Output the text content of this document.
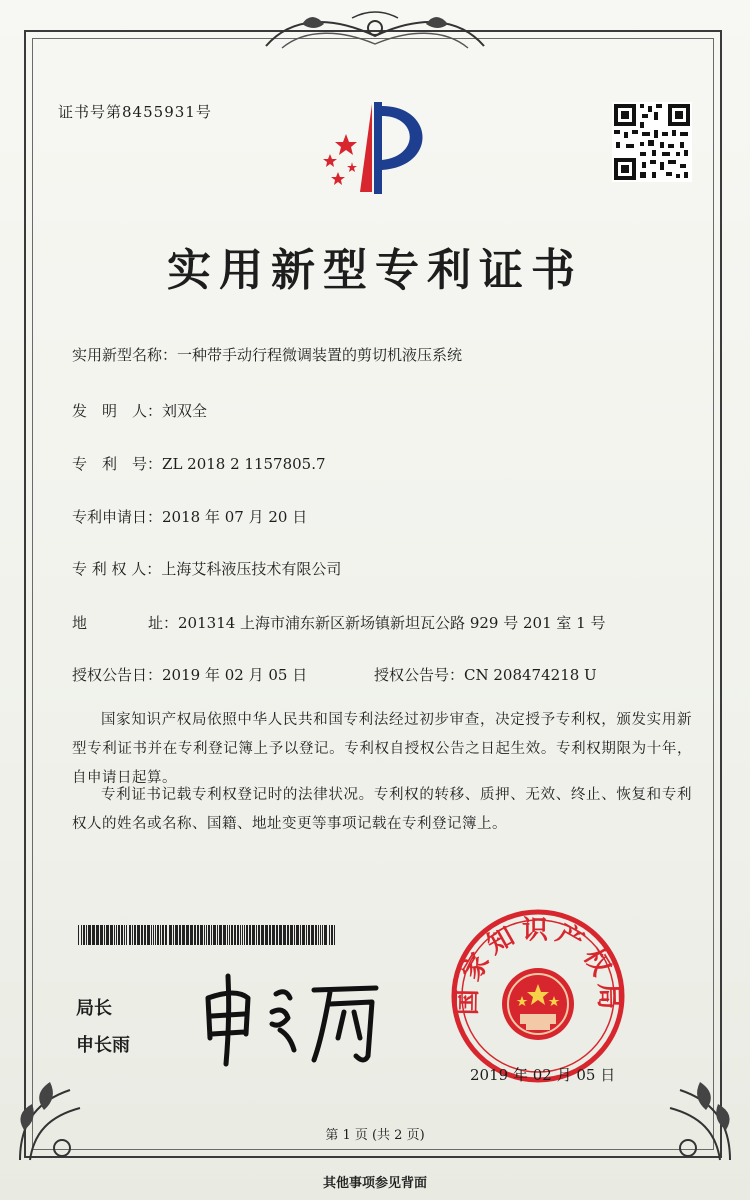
证书号第8455931号
实用新型专利证书
实用新型名称：一种带手动行程微调装置的剪切机液压系统
发　明　人：刘双全
专　利　号：ZL 2018 2 1157805.7
专利申请日：2018 年 07 月 20 日
专 利 权 人：上海艾科液压技术有限公司
地	址：201314 上海市浦东新区新场镇新坦瓦公路 929 号 201 室 1 号
授权公告日：2019 年 02 月 05 日	授权公告号：CN 208474218 U
国家知识产权局依照中华人民共和国专利法经过初步审查，决定授予专利权，颁发实用新型专利证书并在专利登记簿上予以登记。专利权自授权公告之日起生效。专利权期限为十年，自申请日起算。
专利证书记载专利权登记时的法律状况。专利权的转移、质押、无效、终止、恢复和专利权人的姓名或名称、国籍、地址变更等事项记载在专利登记簿上。
局长
申长雨
国家知识产权局
2019 年 02 月 05 日
第 1 页 (共 2 页)
其他事项参见背面
